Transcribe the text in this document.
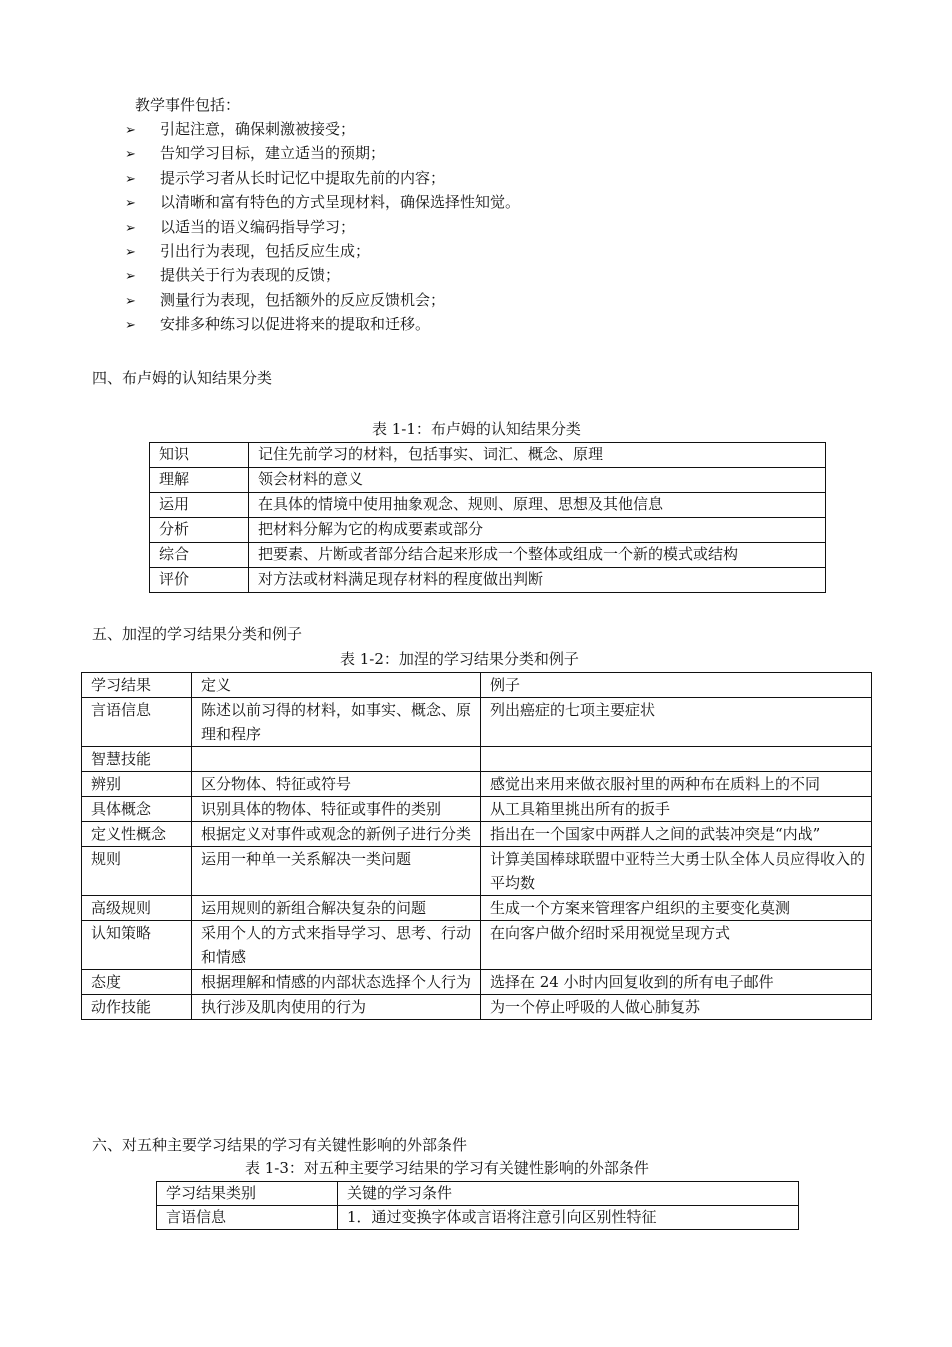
教学事件包括：
➢ 引起注意，确保刺激被接受；
➢ 告知学习目标，建立适当的预期；
➢ 提示学习者从长时记忆中提取先前的内容；
➢ 以清晰和富有特色的方式呈现材料，确保选择性知觉。
➢ 以适当的语义编码指导学习；
➢ 引出行为表现，包括反应生成；
➢ 提供关于行为表现的反馈；
➢ 测量行为表现，包括额外的反应反馈机会；
➢ 安排多种练习以促进将来的提取和迁移。
四、布卢姆的认知结果分类
表 1-1：布卢姆的认知结果分类
知识	记住先前学习的材料，包括事实、词汇、概念、原理
理解	领会材料的意义
运用	在具体的情境中使用抽象观念、规则、原理、思想及其他信息
分析	把材料分解为它的构成要素或部分
综合	把要素、片断或者部分结合起来形成一个整体或组成一个新的模式或结构
评价	对方法或材料满足现存材料的程度做出判断
五、加涅的学习结果分类和例子
表 1-2：加涅的学习结果分类和例子
学习结果	定义	例子
言语信息	陈述以前习得的材料，如事实、概念、原理和程序	列出癌症的七项主要症状
智慧技能		
辨别	区分物体、特征或符号	感觉出来用来做衣服衬里的两种布在质料上的不同
具体概念	识别具体的物体、特征或事件的类别	从工具箱里挑出所有的扳手
定义性概念	根据定义对事件或观念的新例子进行分类	指出在一个国家中两群人之间的武装冲突是“内战”
规则	运用一种单一关系解决一类问题	计算美国棒球联盟中亚特兰大勇士队全体人员应得收入的平均数
高级规则	运用规则的新组合解决复杂的问题	生成一个方案来管理客户组织的主要变化莫测
认知策略	采用个人的方式来指导学习、思考、行动和情感	在向客户做介绍时采用视觉呈现方式
态度	根据理解和情感的内部状态选择个人行为	选择在 24 小时内回复收到的所有电子邮件
动作技能	执行涉及肌肉使用的行为	为一个停止呼吸的人做心肺复苏
六、对五种主要学习结果的学习有关键性影响的外部条件
表 1-3：对五种主要学习结果的学习有关键性影响的外部条件
学习结果类别	关键的学习条件
言语信息	1．通过变换字体或言语将注意引向区别性特征
